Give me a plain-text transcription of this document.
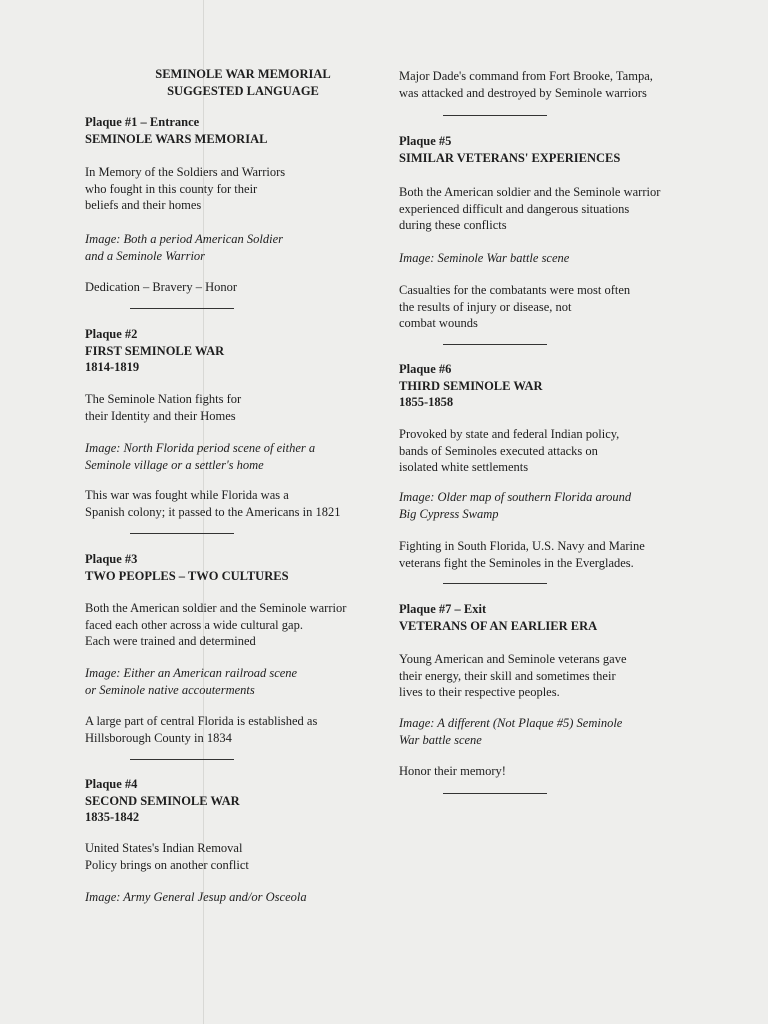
SEMINOLE WAR MEMORIAL
SUGGESTED LANGUAGE
Plaque #1 – Entrance
SEMINOLE WARS MEMORIAL
In Memory of the Soldiers and Warriors
who fought in this county for their
beliefs and their homes
Image: Both a period American Soldier
and a Seminole Warrior
Dedication – Bravery – Honor
Plaque #2
FIRST SEMINOLE WAR
1814-1819
The Seminole Nation fights for
their Identity and their Homes
Image: North Florida period scene of either a
Seminole village or a settler's home
This war was fought while Florida was a
Spanish colony; it passed to the Americans in 1821
Plaque #3
TWO PEOPLES – TWO CULTURES
Both the American soldier and the Seminole warrior
faced each other across a wide cultural gap.
Each were trained and determined
Image: Either an American railroad scene
or Seminole native accouterments
A large part of central Florida is established as
Hillsborough County in 1834
Plaque #4
SECOND SEMINOLE WAR
1835-1842
United States's Indian Removal
Policy brings on another conflict
Image: Army General Jesup and/or Osceola
Major Dade's command from Fort Brooke, Tampa,
was attacked and destroyed by Seminole warriors
Plaque #5
SIMILAR VETERANS' EXPERIENCES
Both the American soldier and the Seminole warrior
experienced difficult and dangerous situations
during these conflicts
Image: Seminole War battle scene
Casualties for the combatants were most often
the results of injury or disease, not
combat wounds
Plaque #6
THIRD SEMINOLE WAR
1855-1858
Provoked by state and federal Indian policy,
bands of Seminoles executed attacks on
isolated white settlements
Image: Older map of southern Florida around
Big Cypress Swamp
Fighting in South Florida, U.S. Navy and Marine
veterans fight the Seminoles in the Everglades.
Plaque #7 – Exit
VETERANS OF AN EARLIER ERA
Young American and Seminole veterans gave
their energy, their skill and sometimes their
lives to their respective peoples.
Image: A different (Not Plaque #5) Seminole
War battle scene
Honor their memory!
